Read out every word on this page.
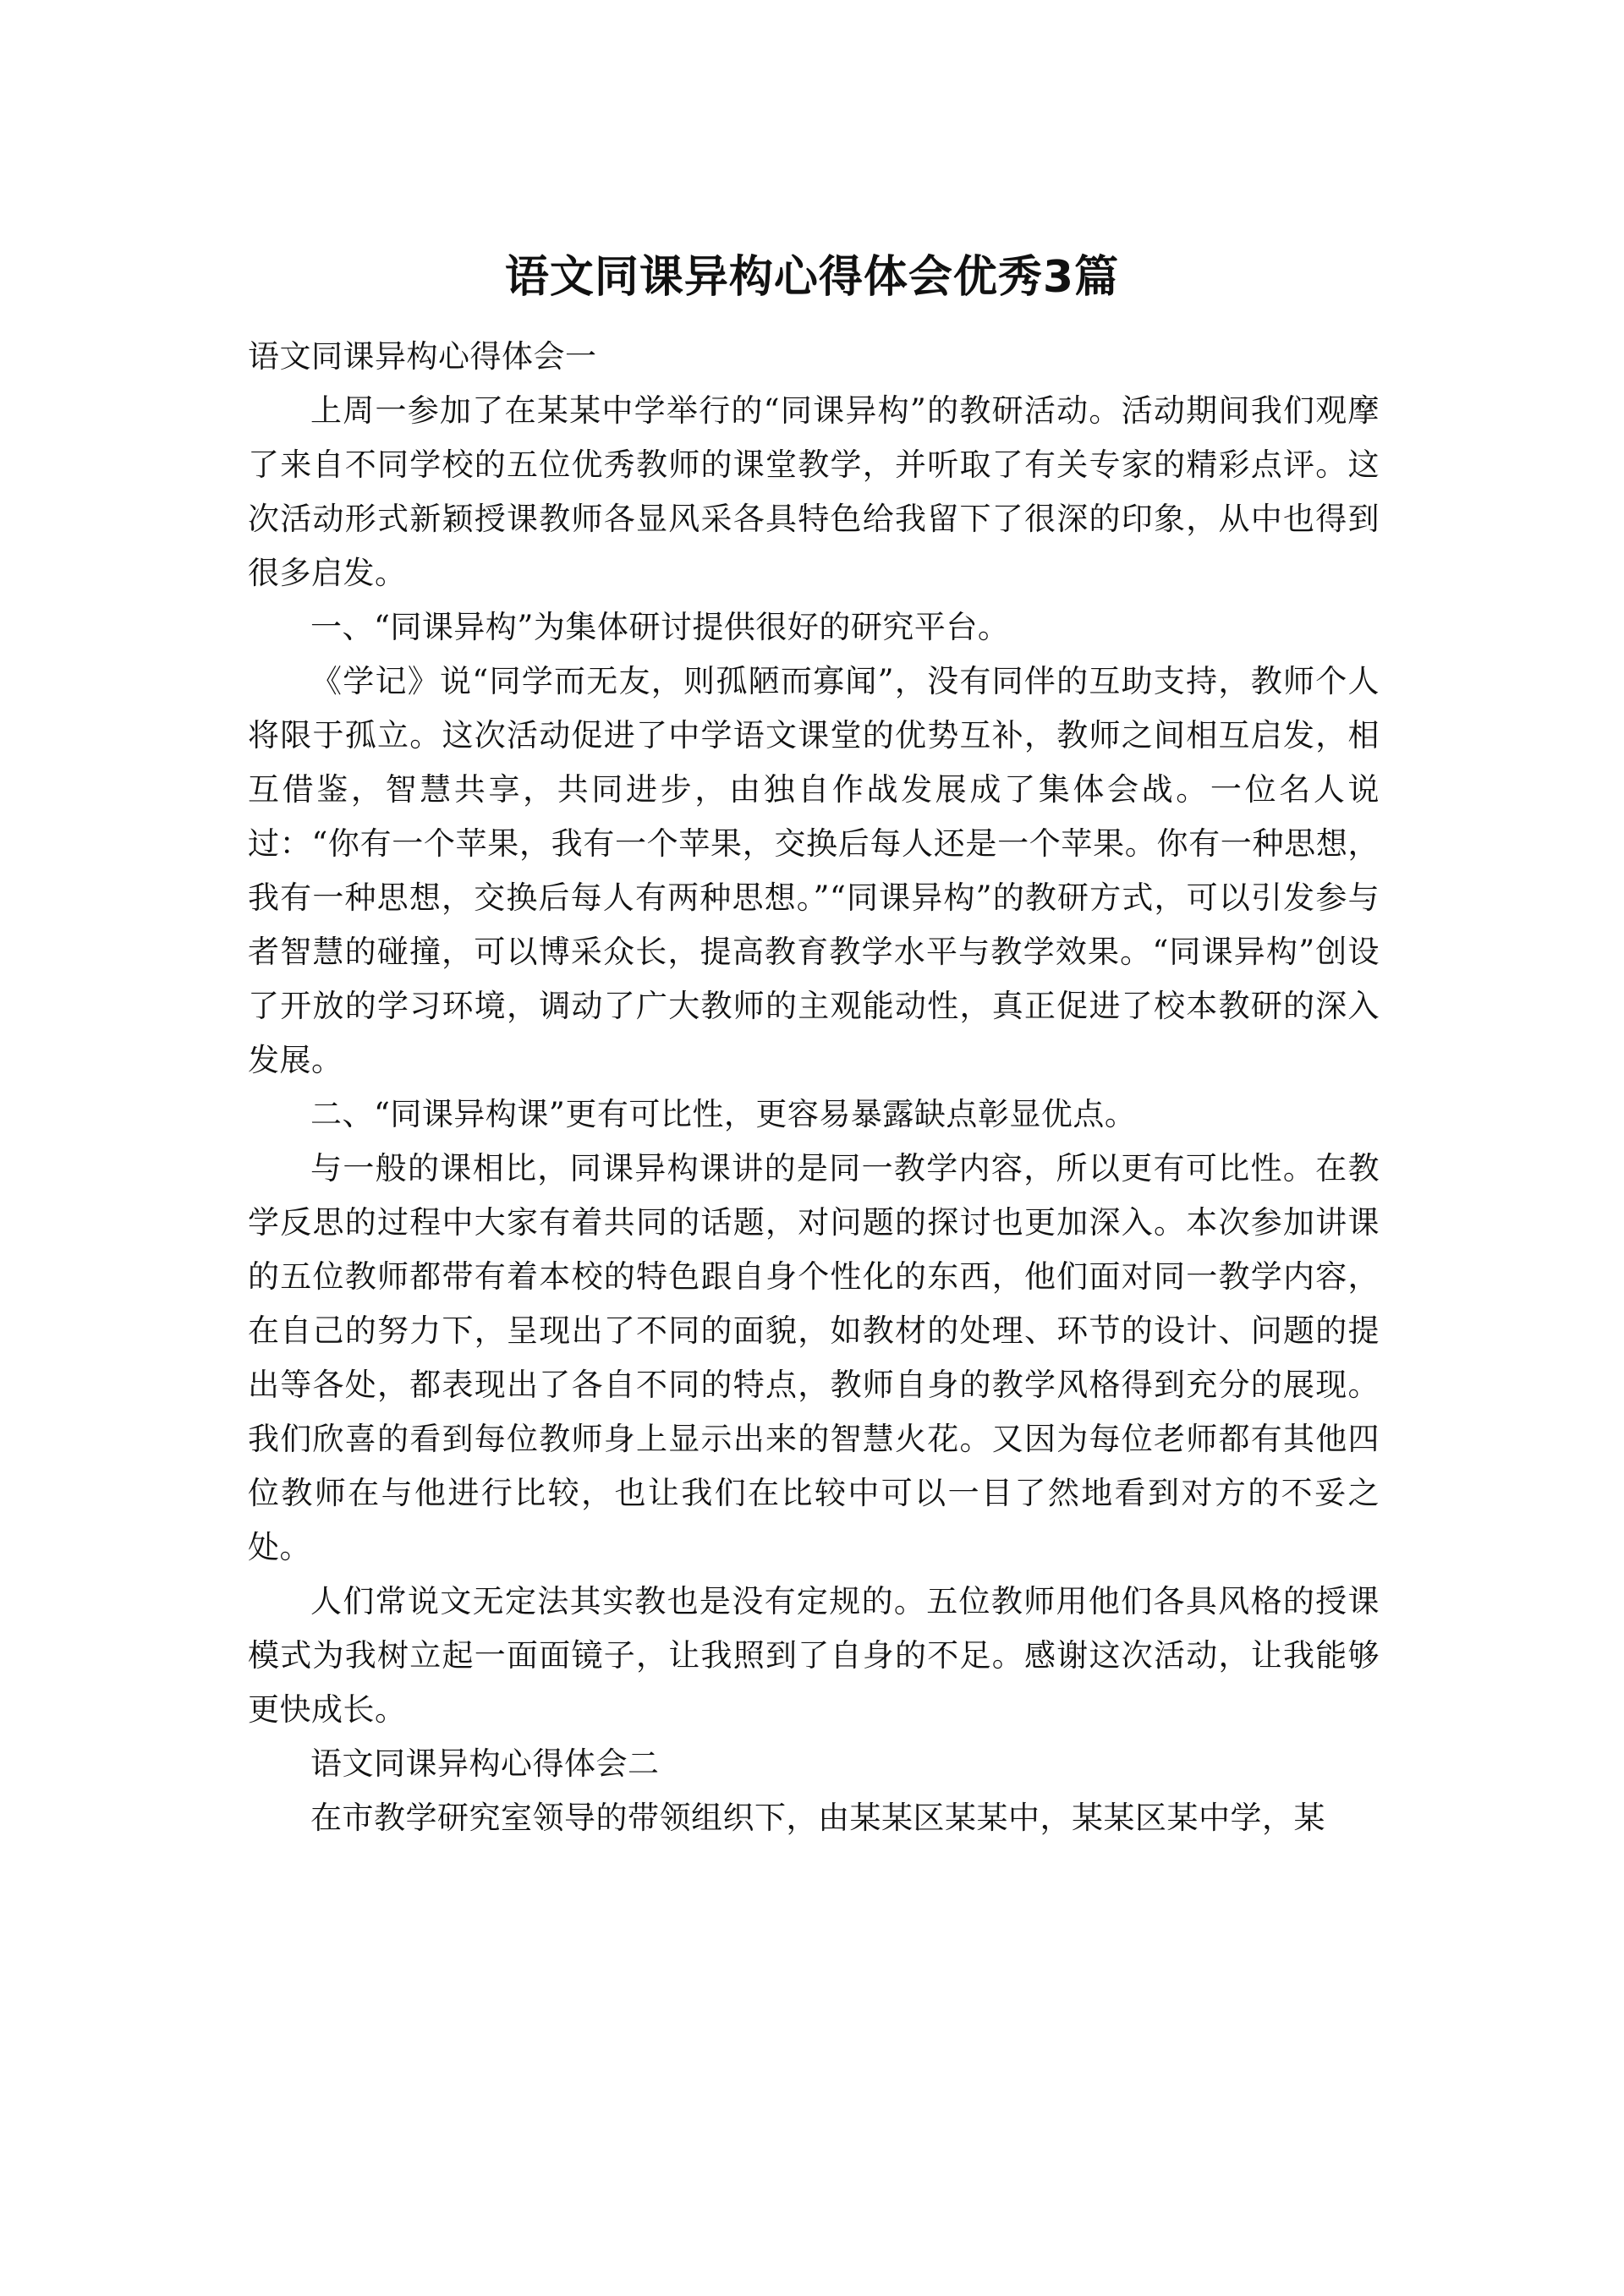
语文同课异构心得体会优秀3篇

语文同课异构心得体会一

上周一参加了在某某中学举行的“同课异构”的教研活动。活动期间我们观摩了来自不同学校的五位优秀教师的课堂教学，并听取了有关专家的精彩点评。这次活动形式新颖授课教师各显风采各具特色给我留下了很深的印象，从中也得到很多启发。

一、“同课异构”为集体研讨提供很好的研究平台。

《学记》说“同学而无友，则孤陋而寡闻”，没有同伴的互助支持，教师个人将限于孤立。这次活动促进了中学语文课堂的优势互补，教师之间相互启发，相互借鉴，智慧共享，共同进步，由独自作战发展成了集体会战。一位名人说过：“你有一个苹果，我有一个苹果，交换后每人还是一个苹果。你有一种思想，我有一种思想，交换后每人有两种思想。”“同课异构”的教研方式，可以引发参与者智慧的碰撞，可以博采众长，提高教育教学水平与教学效果。“同课异构”创设了开放的学习环境，调动了广大教师的主观能动性，真正促进了校本教研的深入发展。

二、“同课异构课”更有可比性，更容易暴露缺点彰显优点。

与一般的课相比，同课异构课讲的是同一教学内容，所以更有可比性。在教学反思的过程中大家有着共同的话题，对问题的探讨也更加深入。本次参加讲课的五位教师都带有着本校的特色跟自身个性化的东西，他们面对同一教学内容，在自己的努力下，呈现出了不同的面貌，如教材的处理、环节的设计、问题的提出等各处，都表现出了各自不同的特点，教师自身的教学风格得到充分的展现。我们欣喜的看到每位教师身上显示出来的智慧火花。又因为每位老师都有其他四位教师在与他进行比较，也让我们在比较中可以一目了然地看到对方的不妥之处。

人们常说文无定法其实教也是没有定规的。五位教师用他们各具风格的授课模式为我树立起一面面镜子，让我照到了自身的不足。感谢这次活动，让我能够更快成长。

语文同课异构心得体会二

在市教学研究室领导的带领组织下，由某某区某某中，某某区某中学，某
